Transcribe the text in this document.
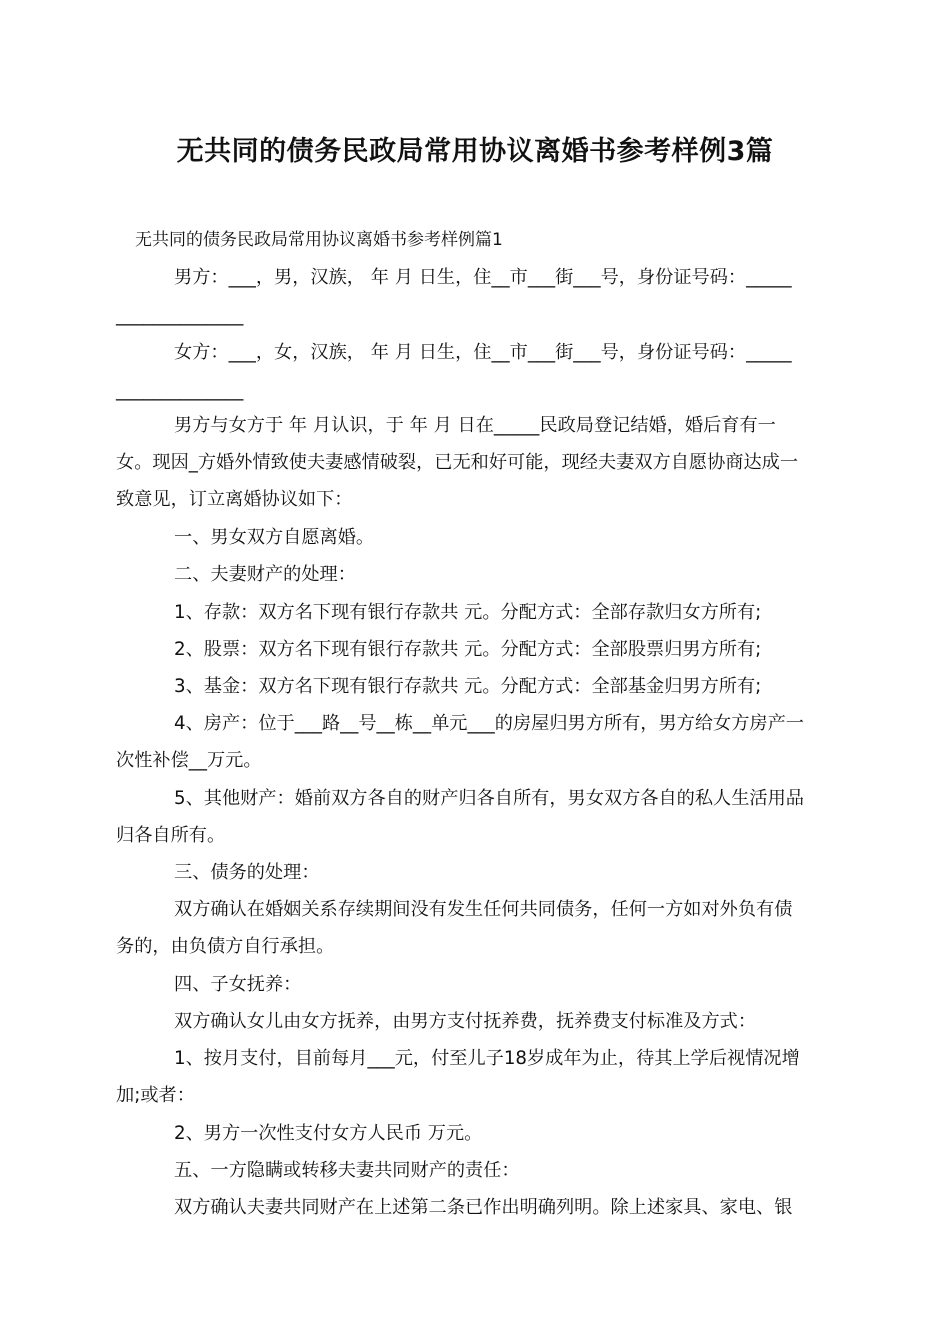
无共同的债务民政局常用协议离婚书参考样例3篇
无共同的债务民政局常用协议离婚书参考样例篇1
男方：___，男，汉族， 年 月 日生，住__市___街___号，身份证号码：_____
______________
女方：___，女，汉族， 年 月 日生，住__市___街___号，身份证号码：_____
______________
男方与女方于 年 月认识，于 年 月 日在_____民政局登记结婚，婚后育有一
女。现因_方婚外情致使夫妻感情破裂，已无和好可能，现经夫妻双方自愿协商达成一
致意见，订立离婚协议如下：
一、男女双方自愿离婚。
二、夫妻财产的处理：
1、存款：双方名下现有银行存款共 元。分配方式：全部存款归女方所有;
2、股票：双方名下现有银行存款共 元。分配方式：全部股票归男方所有;
3、基金：双方名下现有银行存款共 元。分配方式：全部基金归男方所有;
4、房产：位于___路__号__栋__单元___的房屋归男方所有，男方给女方房产一
次性补偿__万元。
5、其他财产：婚前双方各自的财产归各自所有，男女双方各自的私人生活用品
归各自所有。
三、债务的处理：
双方确认在婚姻关系存续期间没有发生任何共同债务，任何一方如对外负有债
务的，由负债方自行承担。
四、子女抚养：
双方确认女儿由女方抚养，由男方支付抚养费，抚养费支付标准及方式：
1、按月支付，目前每月___元，付至儿子18岁成年为止，待其上学后视情况增
加;或者：
2、男方一次性支付女方人民币 万元。
五、一方隐瞒或转移夫妻共同财产的责任：
双方确认夫妻共同财产在上述第二条已作出明确列明。除上述家具、家电、银
